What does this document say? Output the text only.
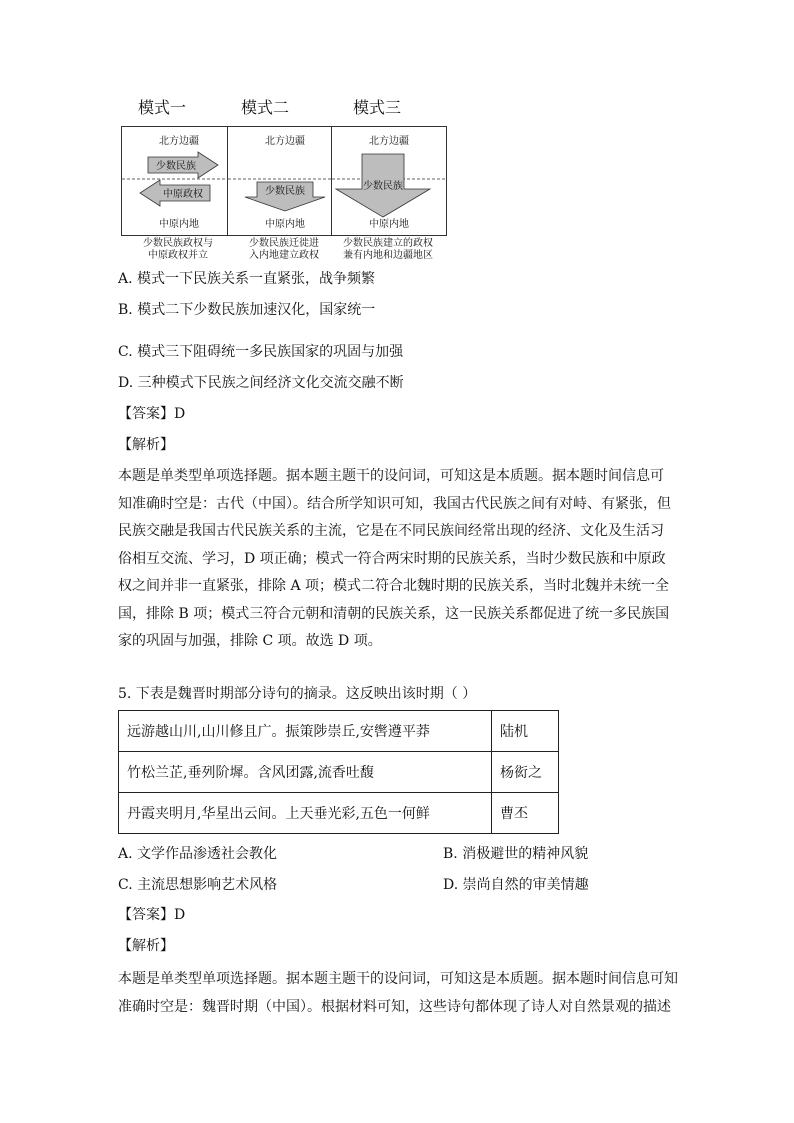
模式一	模式二	模式三
北方边疆
少数民族
中原政权
中原内地
北方边疆
少数民族
中原内地
北方边疆
少数民族
中原内地
少数民族政权与
中原政权并立
少数民族迁徙进
入内地建立政权
少数民族建立的政权
兼有内地和边疆地区
A. 模式一下民族关系一直紧张，战争频繁
B. 模式二下少数民族加速汉化，国家统一
C. 模式三下阻碍统一多民族国家的巩固与加强
D. 三种模式下民族之间经济文化交流交融不断
【答案】D
【解析】
本题是单类型单项选择题。据本题主题干的设问词，可知这是本质题。据本题时间信息可
知准确时空是：古代（中国）。结合所学知识可知，我国古代民族之间有对峙、有紧张，但
民族交融是我国古代民族关系的主流，它是在不同民族间经常出现的经济、文化及生活习
俗相互交流、学习，D 项正确；模式一符合两宋时期的民族关系，当时少数民族和中原政
权之间并非一直紧张，排除 A 项；模式二符合北魏时期的民族关系，当时北魏并未统一全
国，排除 B 项；模式三符合元朝和清朝的民族关系，这一民族关系都促进了统一多民族国
家的巩固与加强，排除 C 项。故选 D 项。
5. 下表是魏晋时期部分诗句的摘录。这反映出该时期（ ）
远游越山川,山川修且广。振策陟崇丘,安辔遵平莽	陆机
竹松兰芷,垂列阶墀。含风团露,流香吐馥	杨衒之
丹霞夹明月,华星出云间。上天垂光彩,五色一何鲜	曹丕
A. 文学作品渗透社会教化	B. 消极避世的精神风貌
C. 主流思想影响艺术风格	D. 崇尚自然的审美情趣
【答案】D
【解析】
本题是单类型单项选择题。据本题主题干的设问词，可知这是本质题。据本题时间信息可知
准确时空是：魏晋时期（中国）。根据材料可知，这些诗句都体现了诗人对自然景观的描述
